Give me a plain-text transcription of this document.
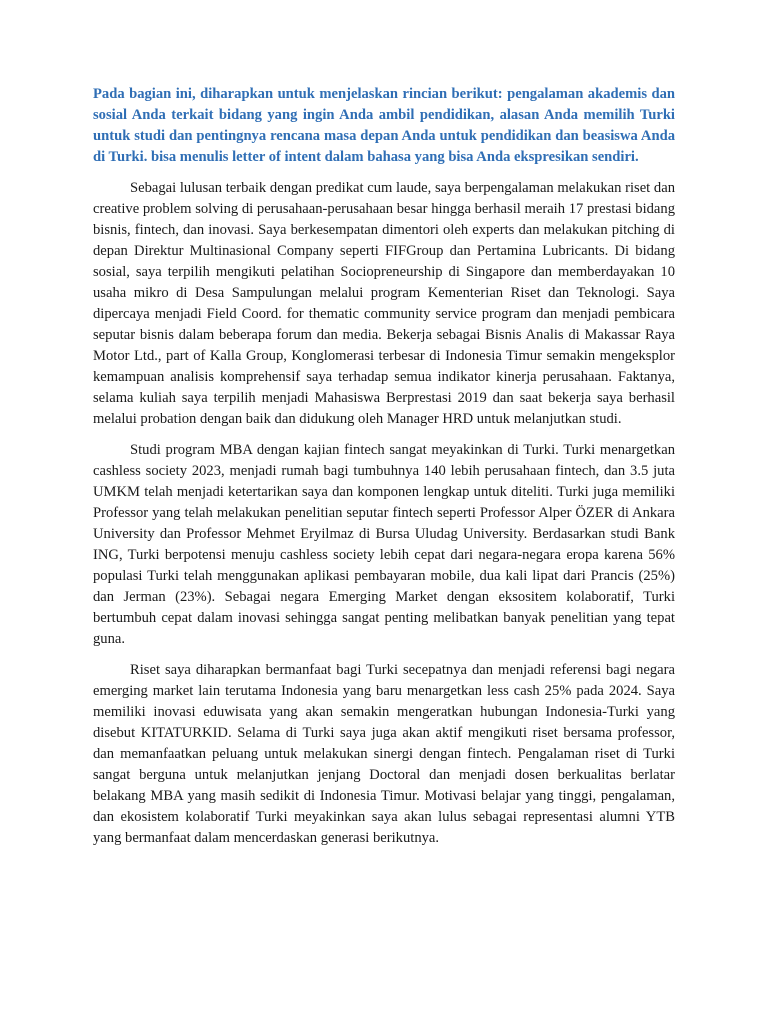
Pada bagian ini, diharapkan untuk menjelaskan rincian berikut: pengalaman akademis dan sosial Anda terkait bidang yang ingin Anda ambil pendidikan, alasan Anda memilih Turki untuk studi dan pentingnya rencana masa depan Anda untuk pendidikan dan beasiswa Anda di Turki. bisa menulis letter of intent dalam bahasa yang bisa Anda ekspresikan sendiri.

Sebagai lulusan terbaik dengan predikat cum laude, saya berpengalaman melakukan riset dan creative problem solving di perusahaan-perusahaan besar hingga berhasil meraih 17 prestasi bidang bisnis, fintech, dan inovasi. Saya berkesempatan dimentori oleh experts dan melakukan pitching di depan Direktur Multinasional Company seperti FIFGroup dan Pertamina Lubricants. Di bidang sosial, saya terpilih mengikuti pelatihan Sociopreneurship di Singapore dan memberdayakan 10 usaha mikro di Desa Sampulungan melalui program Kementerian Riset dan Teknologi. Saya dipercaya menjadi Field Coord. for thematic community service program dan menjadi pembicara seputar bisnis dalam beberapa forum dan media. Bekerja sebagai Bisnis Analis di Makassar Raya Motor Ltd., part of Kalla Group, Konglomerasi terbesar di Indonesia Timur semakin mengeksplor kemampuan analisis komprehensif saya terhadap semua indikator kinerja perusahaan. Faktanya, selama kuliah saya terpilih menjadi Mahasiswa Berprestasi 2019 dan saat bekerja saya berhasil melalui probation dengan baik dan didukung oleh Manager HRD untuk melanjutkan studi.

Studi program MBA dengan kajian fintech sangat meyakinkan di Turki. Turki menargetkan cashless society 2023, menjadi rumah bagi tumbuhnya 140 lebih perusahaan fintech, dan 3.5 juta UMKM telah menjadi ketertarikan saya dan komponen lengkap untuk diteliti. Turki juga memiliki Professor yang telah melakukan penelitian seputar fintech seperti Professor Alper ÖZER di Ankara University dan Professor Mehmet Eryilmaz di Bursa Uludag University. Berdasarkan studi Bank ING, Turki berpotensi menuju cashless society lebih cepat dari negara-negara eropa karena 56% populasi Turki telah menggunakan aplikasi pembayaran mobile, dua kali lipat dari Prancis (25%) dan Jerman (23%). Sebagai negara Emerging Market dengan eksositem kolaboratif, Turki bertumbuh cepat dalam inovasi sehingga sangat penting melibatkan banyak penelitian yang tepat guna.

Riset saya diharapkan bermanfaat bagi Turki secepatnya dan menjadi referensi bagi negara emerging market lain terutama Indonesia yang baru menargetkan less cash 25% pada 2024. Saya memiliki inovasi eduwisata yang akan semakin mengeratkan hubungan Indonesia-Turki yang disebut KITATURKID. Selama di Turki saya juga akan aktif mengikuti riset bersama professor, dan memanfaatkan peluang untuk melakukan sinergi dengan fintech. Pengalaman riset di Turki sangat berguna untuk melanjutkan jenjang Doctoral dan menjadi dosen berkualitas berlatar belakang MBA yang masih sedikit di Indonesia Timur. Motivasi belajar yang tinggi, pengalaman, dan ekosistem kolaboratif Turki meyakinkan saya akan lulus sebagai representasi alumni YTB yang bermanfaat dalam mencerdaskan generasi berikutnya.
